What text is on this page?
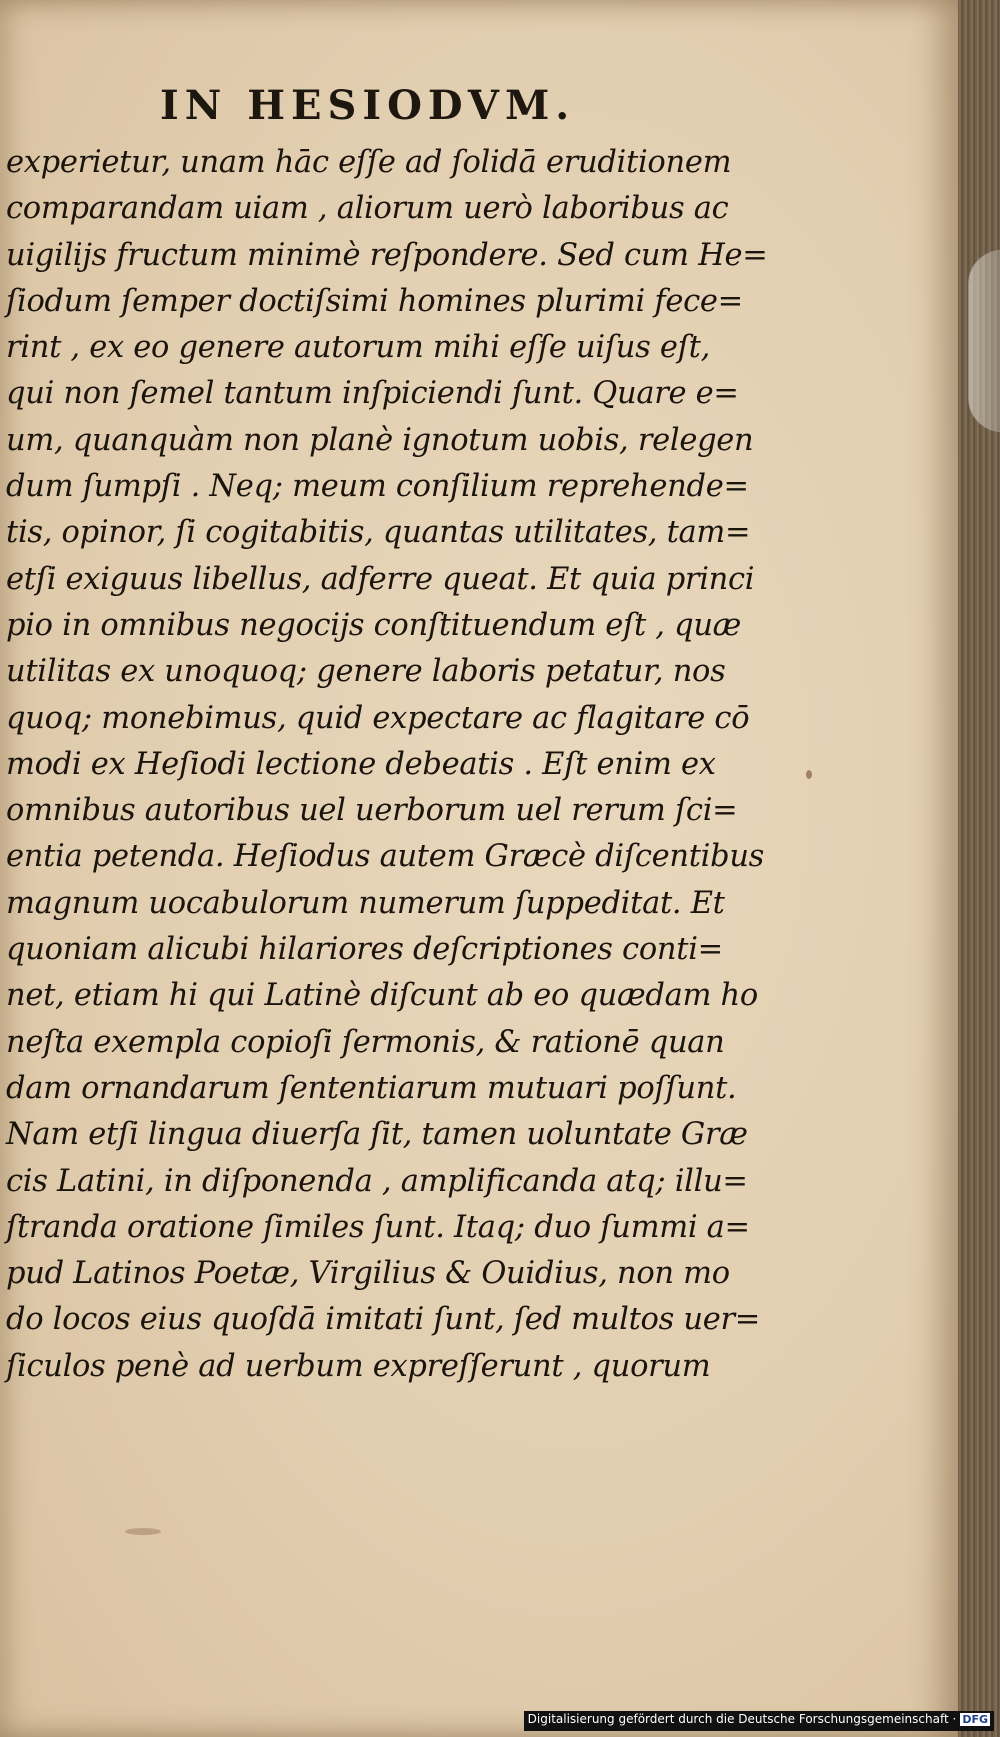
IN HESIODVM.
experietur, unam hāc eſſe ad ſolidā eruditionem
comparandam uiam , aliorum uerò laboribus ac
uigilijs fructum minimè reſpondere. Sed cum He=
ſiodum ſemper doctiſsimi homines plurimi fece=
rint , ex eo genere autorum mihi eſſe uiſus eſt,
qui non ſemel tantum inſpiciendi ſunt. Quare e=
um, quanquàm non planè ignotum uobis, relegen
dum ſumpſi . Neq; meum conſilium reprehende=
tis, opinor, ſi cogitabitis, quantas utilitates, tam=
etſi exiguus libellus, adferre queat. Et quia princi
pio in omnibus negocijs conſtituendum eſt , quæ
utilitas ex unoquoq; genere laboris petatur, nos
quoq; monebimus, quid expectare ac flagitare cō
modi ex Heſiodi lectione debeatis . Eſt enim ex
omnibus autoribus uel uerborum uel rerum ſci=
entia petenda. Heſiodus autem Græcè diſcentibus
magnum uocabulorum numerum ſuppeditat. Et
quoniam alicubi hilariores deſcriptiones conti=
net, etiam hi qui Latinè diſcunt ab eo quædam ho
neſta exempla copioſi ſermonis, & rationē quan
dam ornandarum ſententiarum mutuari poſſunt.
Nam etſi lingua diuerſa ſit, tamen uoluntate Græ
cis Latini, in diſponenda , amplificanda atq; illu=
ſtranda oratione ſimiles ſunt. Itaq; duo ſummi a=
pud Latinos Poetæ, Virgilius & Ouidius, non mo
do locos eius quoſdā imitati ſunt, ſed multos uer=
ſiculos penè ad uerbum expreſſerunt , quorum
Digitalisierung gefördert durch die Deutsche Forschungsgemeinschaft · DFG
